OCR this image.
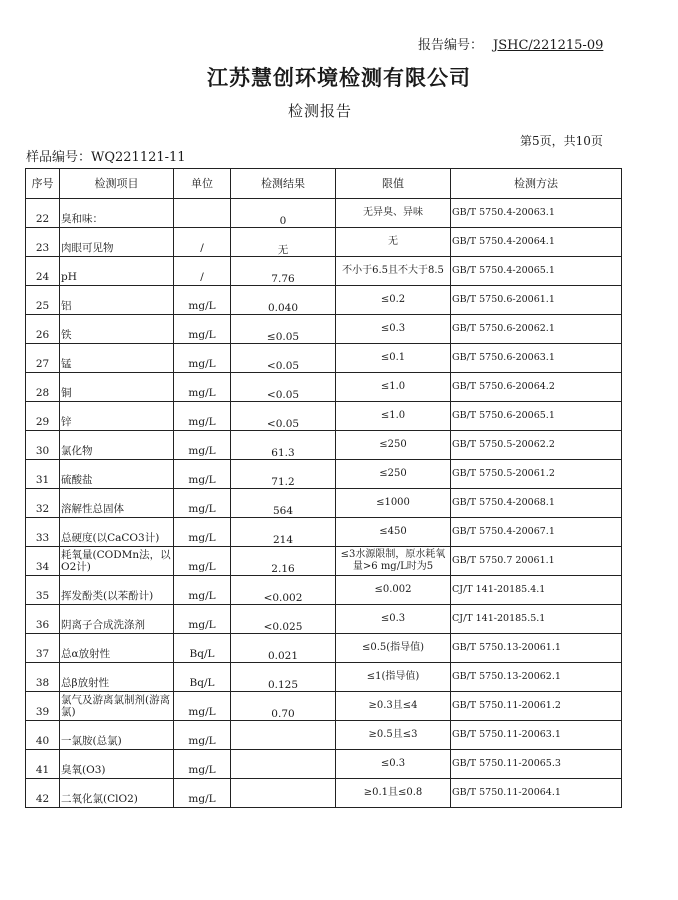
报告编号： JSHC/221215-09
江苏慧创环境检测有限公司
检测报告
第5页，共10页
样品编号：WQ221121-11
序号	检测项目	单位	检测结果	限值	检测方法
22	臭和味：		0	无异臭、异味	GB/T 5750.4-20063.1
23	肉眼可见物	/	无	无	GB/T 5750.4-20064.1
24	pH	/	7.76	不小于6.5且不大于8.5	GB/T 5750.4-20065.1
25	铝	mg/L	0.040	≤0.2	GB/T 5750.6-20061.1
26	铁	mg/L	≤0.05	≤0.3	GB/T 5750.6-20062.1
27	锰	mg/L	<0.05	≤0.1	GB/T 5750.6-20063.1
28	铜	mg/L	<0.05	≤1.0	GB/T 5750.6-20064.2
29	锌	mg/L	<0.05	≤1.0	GB/T 5750.6-20065.1
30	氯化物	mg/L	61.3	≤250	GB/T 5750.5-20062.2
31	硫酸盐	mg/L	71.2	≤250	GB/T 5750.5-20061.2
32	溶解性总固体	mg/L	564	≤1000	GB/T 5750.4-20068.1
33	总硬度(以CaCO3计)	mg/L	214	≤450	GB/T 5750.4-20067.1
34	耗氧量(CODMn法，以O2计)	mg/L	2.16	≤3水源限制，原水耗氧量>6 mg/L时为5	GB/T 5750.7 20061.1
35	挥发酚类(以苯酚计)	mg/L	<0.002	≤0.002	CJ/T 141-20185.4.1
36	阴离子合成洗涤剂	mg/L	<0.025	≤0.3	CJ/T 141-20185.5.1
37	总α放射性	Bq/L	0.021	≤0.5(指导值)	GB/T 5750.13-20061.1
38	总β放射性	Bq/L	0.125	≤1(指导值)	GB/T 5750.13-20062.1
39	氯气及游离氯制剂(游离氯)	mg/L	0.70	≥0.3且≤4	GB/T 5750.11-20061.2
40	一氯胺(总氯)	mg/L		≥0.5且≤3	GB/T 5750.11-20063.1
41	臭氧(O3)	mg/L		≤0.3	GB/T 5750.11-20065.3
42	二氧化氯(ClO2)	mg/L		≥0.1且≤0.8	GB/T 5750.11-20064.1
